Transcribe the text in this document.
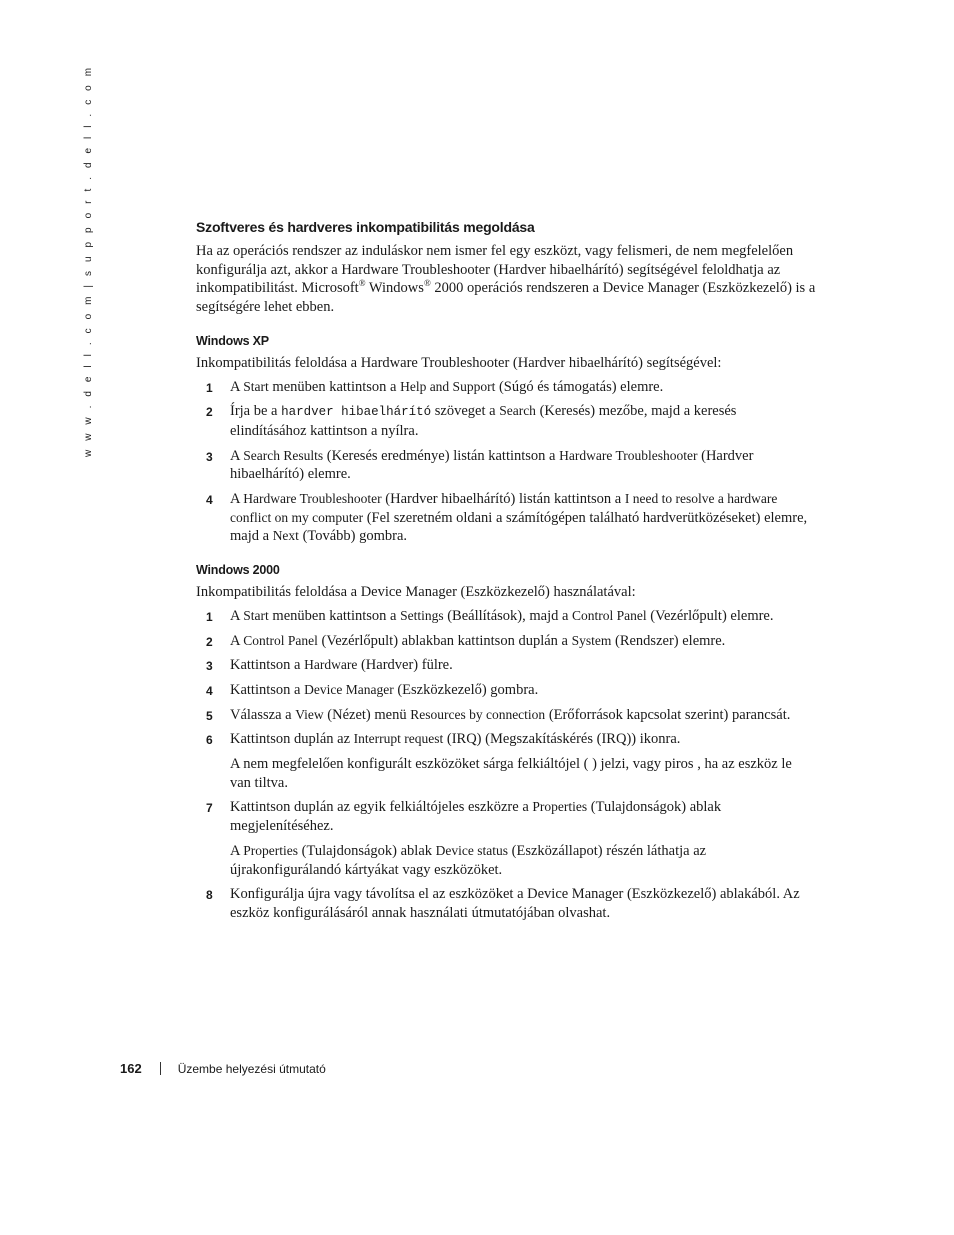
w w w . d e l l . c o m | s u p p o r t . d e l l . c o m	Szoftveres és hardveres inkompatibilitás megoldása

Ha az operációs rendszer az induláskor nem ismer fel egy eszközt, vagy felismeri, de nem megfelelően konfigurálja azt, akkor a Hardware Troubleshooter (Hardver hibaelhárító) segítségével feloldhatja az inkompatibilitást. Microsoft® Windows® 2000 operációs rendszeren a Device Manager (Eszközkezelő) is a segítségére lehet ebben.

Windows XP

Inkompatibilitás feloldása a Hardware Troubleshooter (Hardver hibaelhárító) segítségével:

1 A Start menüben kattintson a Help and Support (Súgó és támogatás) elemre.
2 Írja be a hardver hibaelhárító szöveget a Search (Keresés) mezőbe, majd a keresés elindításához kattintson a nyílra.
3 A Search Results (Keresés eredménye) listán kattintson a Hardware Troubleshooter (Hardver hibaelhárító) elemre.
4 A Hardware Troubleshooter (Hardver hibaelhárító) listán kattintson a I need to resolve a hardware conflict on my computer (Fel szeretném oldani a számítógépen található hardverütközéseket) elemre, majd a Next (Tovább) gombra.
Windows 2000

Inkompatibilitás feloldása a Device Manager (Eszközkezelő) használatával:

1 A Start menüben kattintson a Settings (Beállítások), majd a Control Panel (Vezérlőpult) elemre.
2 A Control Panel (Vezérlőpult) ablakban kattintson duplán a System (Rendszer) elemre.
3 Kattintson a Hardware (Hardver) fülre.
4 Kattintson a Device Manager (Eszközkezelő) gombra.
5 Válassza a View (Nézet) menü Resources by connection (Erőforrások kapcsolat szerint) parancsát.
6 Kattintson duplán az Interrupt request (IRQ) (Megszakításkérés (IRQ)) ikonra.

A nem megfelelően konfigurált eszközöket sárga felkiáltójel ( ) jelzi, vagy piros , ha az eszköz le van tiltva.

7 Kattintson duplán az egyik felkiáltójeles eszközre a Properties (Tulajdonságok) ablak megjelenítéséhez.

A Properties (Tulajdonságok) ablak Device status (Eszközállapot) részén láthatja az újrakonfigurálandó kártyákat vagy eszközöket.

8 Konfigurálja újra vagy távolítsa el az eszközöket a Device Manager (Eszközkezelő) ablakából. Az eszköz konfigurálásáról annak használati útmutatójában olvashat.
162	Üzembe helyezési útmutató
